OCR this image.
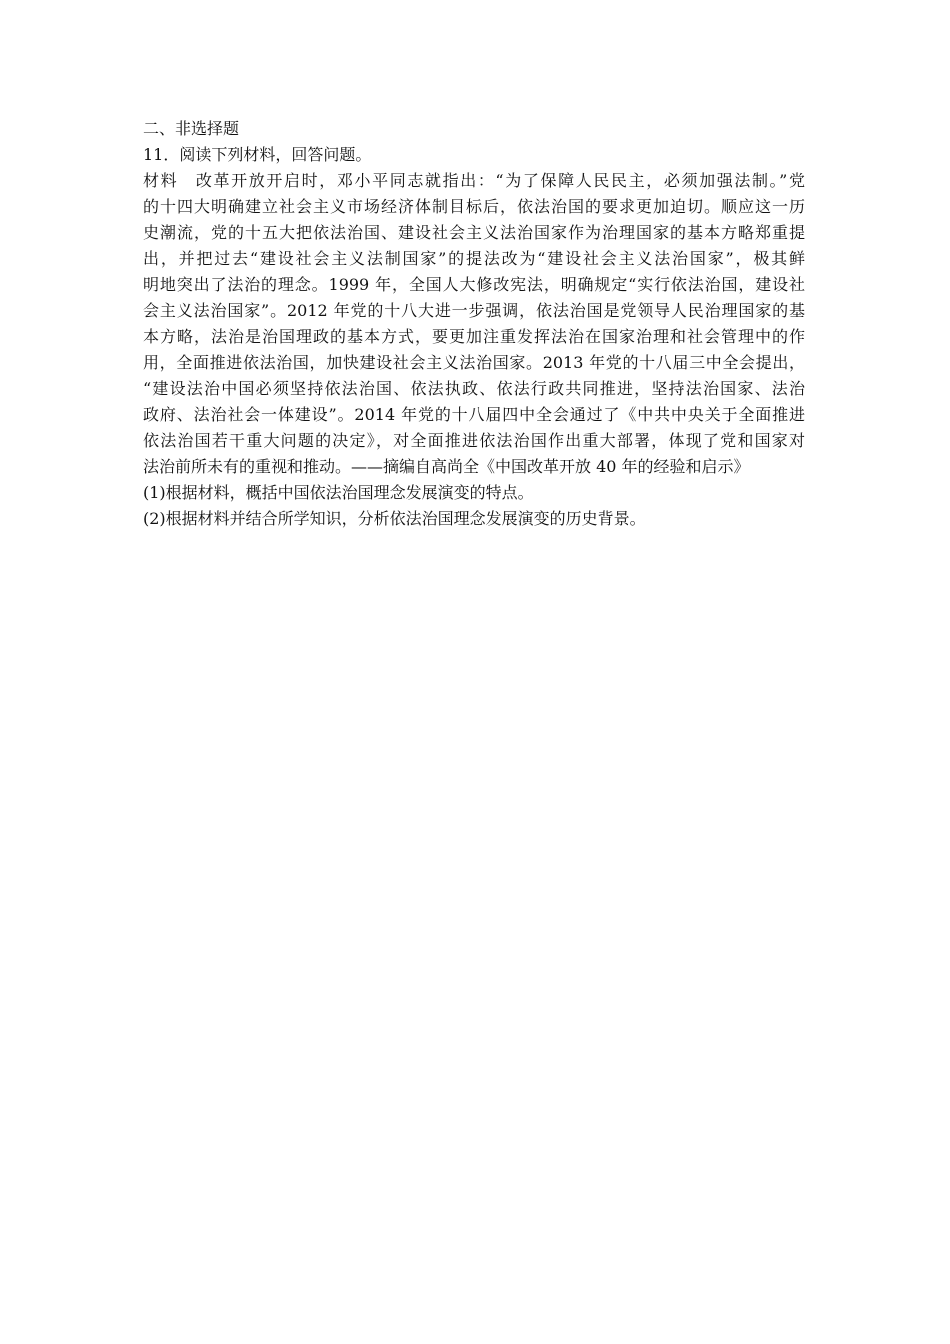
二、非选择题
11．阅读下列材料，回答问题。
材料　改革开放开启时，邓小平同志就指出：“为了保障人民民主，必须加强法制。”党
的十四大明确建立社会主义市场经济体制目标后，依法治国的要求更加迫切。顺应这一历
史潮流，党的十五大把依法治国、建设社会主义法治国家作为治理国家的基本方略郑重提
出，并把过去“建设社会主义法制国家”的提法改为“建设社会主义法治国家”，极其鲜
明地突出了法治的理念。1999 年，全国人大修改宪法，明确规定“实行依法治国，建设社
会主义法治国家”。2012 年党的十八大进一步强调，依法治国是党领导人民治理国家的基
本方略，法治是治国理政的基本方式，要更加注重发挥法治在国家治理和社会管理中的作
用，全面推进依法治国，加快建设社会主义法治国家。2013 年党的十八届三中全会提出，
“建设法治中国必须坚持依法治国、依法执政、依法行政共同推进，坚持法治国家、法治
政府、法治社会一体建设”。2014 年党的十八届四中全会通过了《中共中央关于全面推进
依法治国若干重大问题的决定》，对全面推进依法治国作出重大部署，体现了党和国家对
法治前所未有的重视和推动。——摘编自高尚全《中国改革开放 40 年的经验和启示》
(1)根据材料，概括中国依法治国理念发展演变的特点。
(2)根据材料并结合所学知识，分析依法治国理念发展演变的历史背景。
